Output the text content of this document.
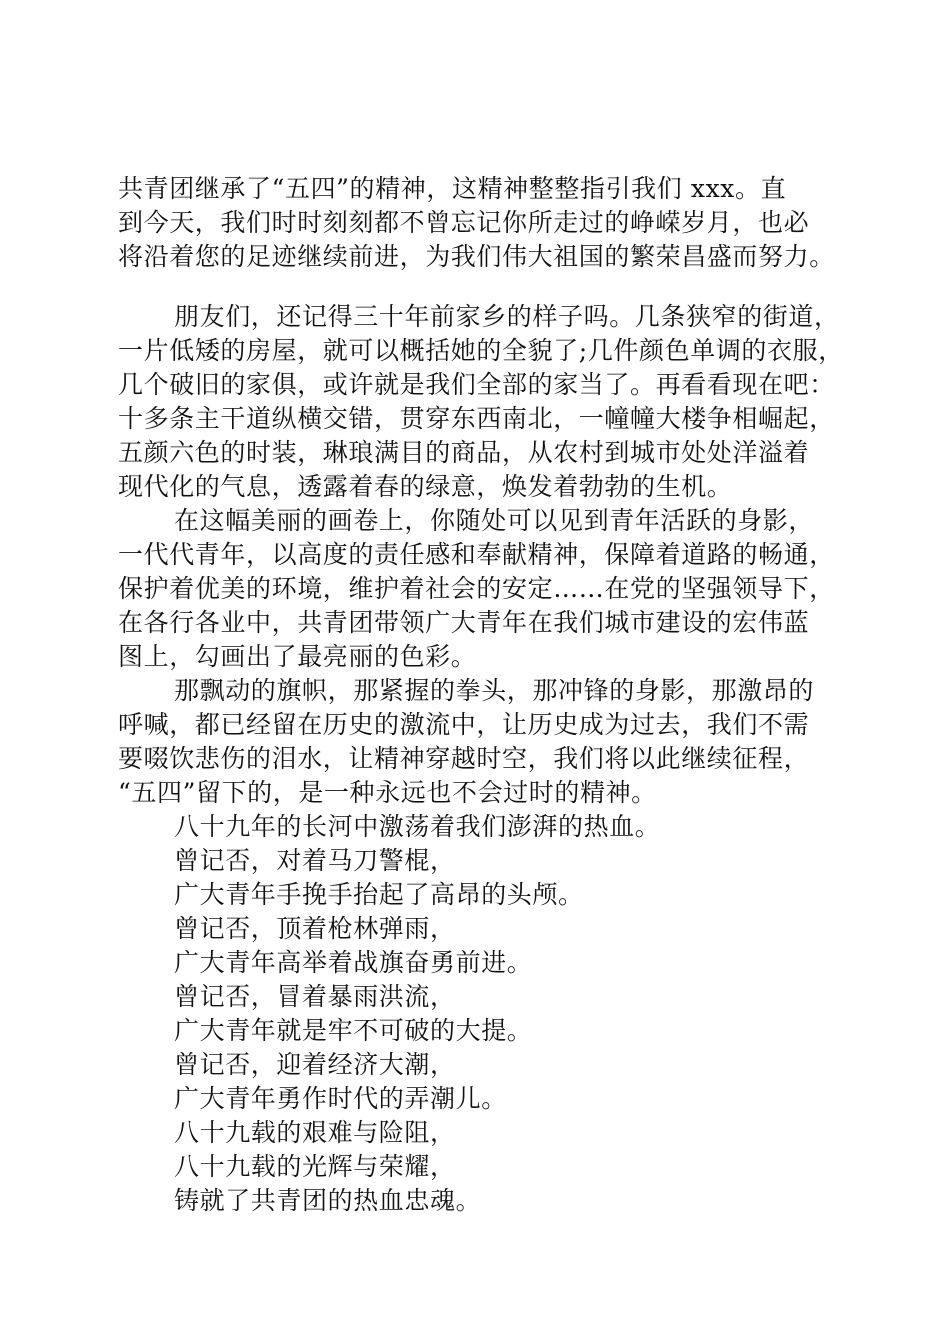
共青团继承了“五四”的精神，这精神整整指引我们 xxx。直
到今天，我们时时刻刻都不曾忘记你所走过的峥嵘岁月，也必
将沿着您的足迹继续前进，为我们伟大祖国的繁荣昌盛而努力。
朋友们，还记得三十年前家乡的样子吗。几条狭窄的街道，
一片低矮的房屋，就可以概括她的全貌了;几件颜色单调的衣服，
几个破旧的家俱，或许就是我们全部的家当了。再看看现在吧：
十多条主干道纵横交错，贯穿东西南北，一幢幢大楼争相崛起，
五颜六色的时装，琳琅满目的商品，从农村到城市处处洋溢着
现代化的气息，透露着春的绿意，焕发着勃勃的生机。
在这幅美丽的画卷上，你随处可以见到青年活跃的身影，
一代代青年，以高度的责任感和奉献精神，保障着道路的畅通，
保护着优美的环境，维护着社会的安定……在党的坚强领导下，
在各行各业中，共青团带领广大青年在我们城市建设的宏伟蓝
图上，勾画出了最亮丽的色彩。
那飘动的旗帜，那紧握的拳头，那冲锋的身影，那激昂的
呼喊，都已经留在历史的激流中，让历史成为过去，我们不需
要啜饮悲伤的泪水，让精神穿越时空，我们将以此继续征程，
“五四”留下的，是一种永远也不会过时的精神。
八十九年的长河中激荡着我们澎湃的热血。
曾记否，对着马刀警棍，
广大青年手挽手抬起了高昂的头颅。
曾记否，顶着枪林弹雨，
广大青年高举着战旗奋勇前进。
曾记否，冒着暴雨洪流，
广大青年就是牢不可破的大提。
曾记否，迎着经济大潮，
广大青年勇作时代的弄潮儿。
八十九载的艰难与险阻，
八十九载的光辉与荣耀，
铸就了共青团的热血忠魂。
